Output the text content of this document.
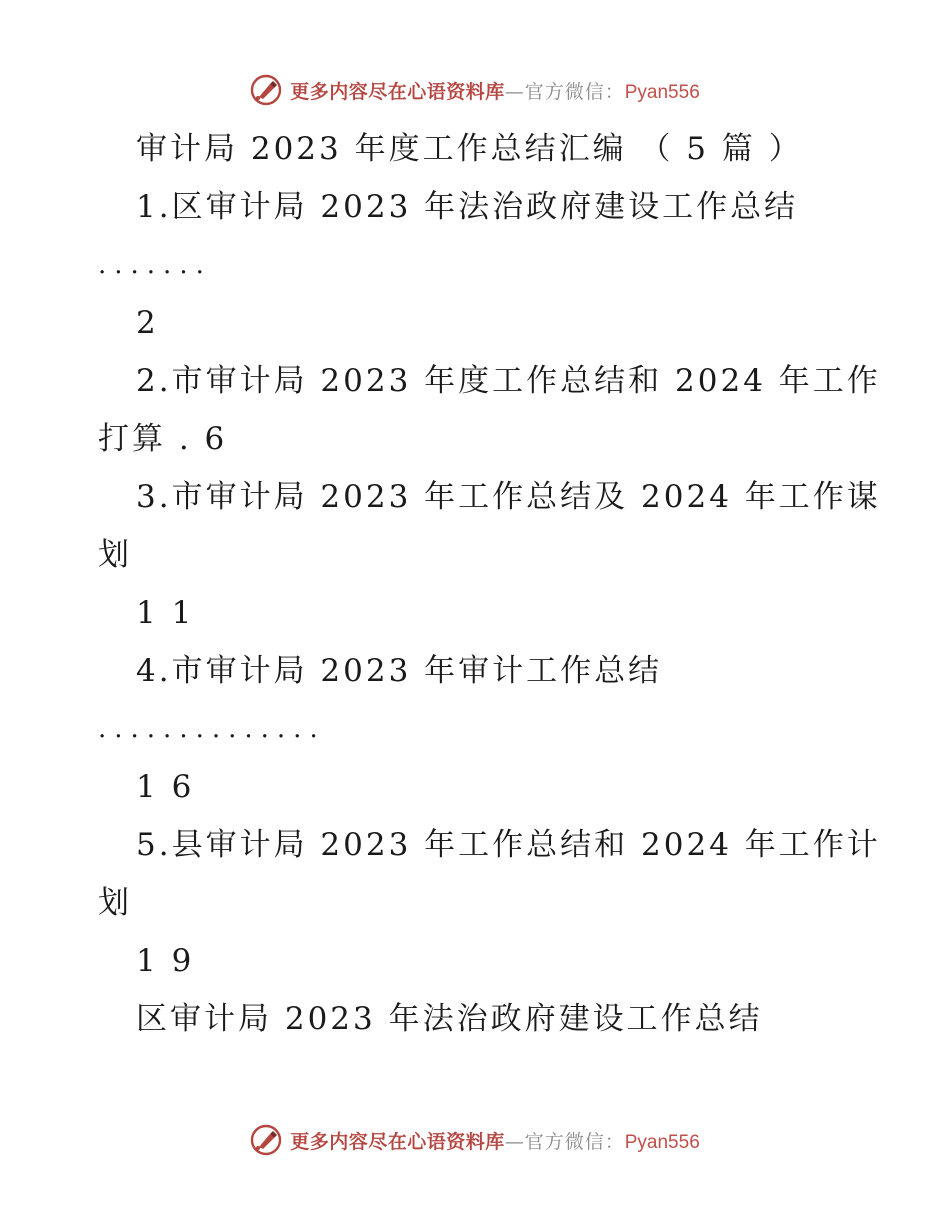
更多内容尽在心语资料库 —官方微信： Pyan556
审计局 2023 年度工作总结汇编 （ 5 篇 ）
1.区审计局 2023 年法治政府建设工作总结
.......
2
2.市审计局 2023 年度工作总结和 2024 年工作
打算 . 6
3.市审计局 2023 年工作总结及 2024 年工作谋
划
1 1
4.市审计局 2023 年审计工作总结
..............
1 6
5.县审计局 2023 年工作总结和 2024 年工作计
划
1 9
区审计局 2023 年法治政府建设工作总结
更多内容尽在心语资料库 —官方微信： Pyan556
